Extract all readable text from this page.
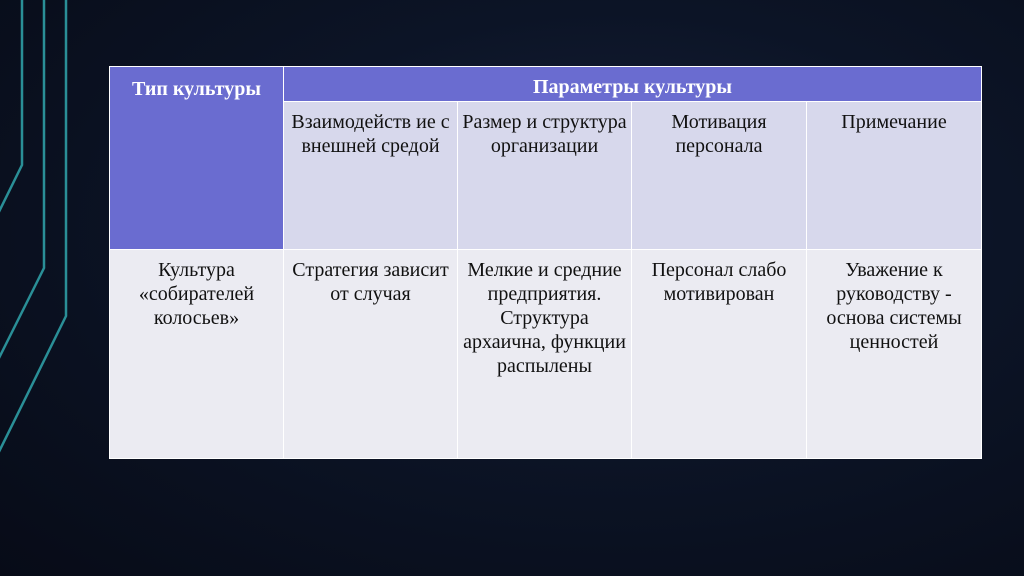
Тип культуры	Параметры культуры			

	Взаимодейств ие с внешней средой	Размер и структура организации	Мотивация персонала	Примечание

Культура «собирателей колосьев»	Стратегия зависит от случая	Мелкие и средние предприятия. Структура архаична, функции распылены	Персонал слабо мотивирован	Уважение к руководству - основа системы ценностей
